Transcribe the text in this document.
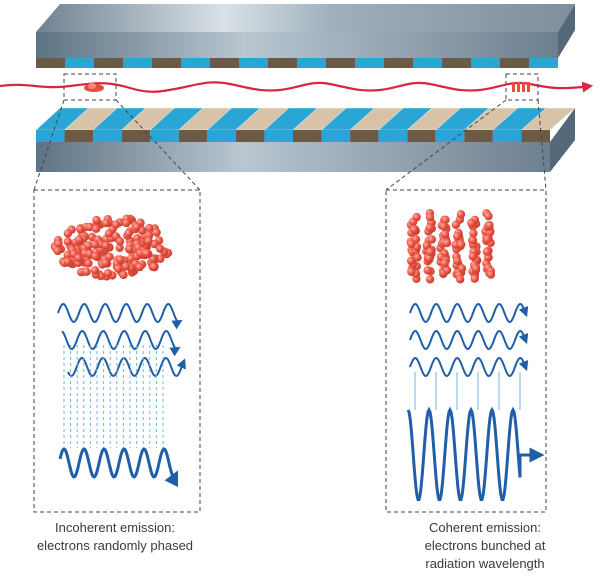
Incoherent emission:
electrons randomly phased
Coherent emission:
electrons bunched at
radiation wavelength
